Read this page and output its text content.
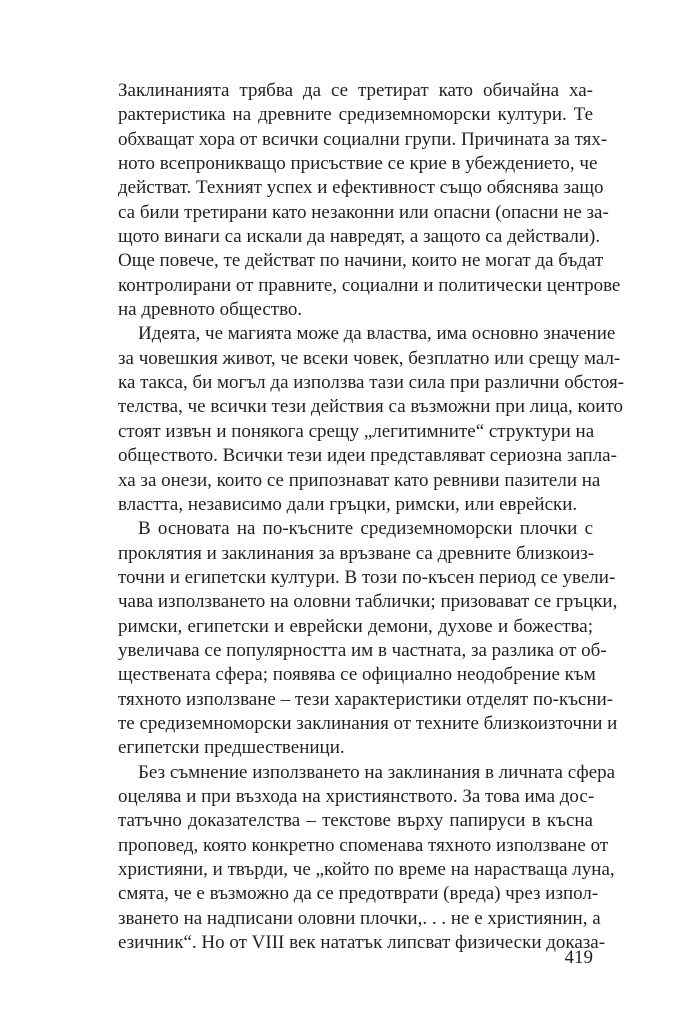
Заклинанията трябва да се третират като обичайна ха-
рактеристика на древните средиземноморски култури. Те
обхващат хора от всички социални групи. Причината за тях-
ното всепроникващо присъствие се крие в убеждението, че
действат. Техният успех и ефективност също обяснява защо
са били третирани като незаконни или опасни (опасни не за-
щото винаги са искали да навредят, а защото са действали).
Още повече, те действат по начини, които не могат да бъдат
контролирани от правните, социални и политически центрове
на древното общество.

Идеята, че магията може да властва, има основно значение
за човешкия живот, че всеки човек, безплатно или срещу мал-
ка такса, би могъл да използва тази сила при различни обстоя-
телства, че всички тези действия са възможни при лица, които
стоят извън и понякога срещу „легитимните“ структури на
обществото. Всички тези идеи представляват сериозна запла-
ха за онези, които се припознават като ревниви пазители на
властта, независимо дали гръцки, римски, или еврейски.

В основата на по-късните средиземноморски плочки с
проклятия и заклинания за връзване са древните близкоиз-
точни и египетски култури. В този по-късен период се увели-
чава използването на оловни таблички; призовават се гръцки,
римски, египетски и еврейски демони, духове и божества;
увеличава се популярността им в частната, за разлика от об-
ществената сфера; появява се официално неодобрение към
тяхното използване – тези характеристики отделят по-късни-
те средиземноморски заклинания от техните близкоизточни и
египетски предшественици.

Без съмнение използването на заклинания в личната сфера
оцелява и при възхода на християнството. За това има дос-
татъчно доказателства – текстове върху папируси в късна
проповед, която конкретно споменава тяхното използване от
християни, и твърди, че „който по време на нарастваща луна,
смята, че е възможно да се предотврати (вреда) чрез изпол-
зването на надписани оловни плочки,. . . не е християнин, а
езичник“. Но от VIII век нататък липсват физически доказа-

419
